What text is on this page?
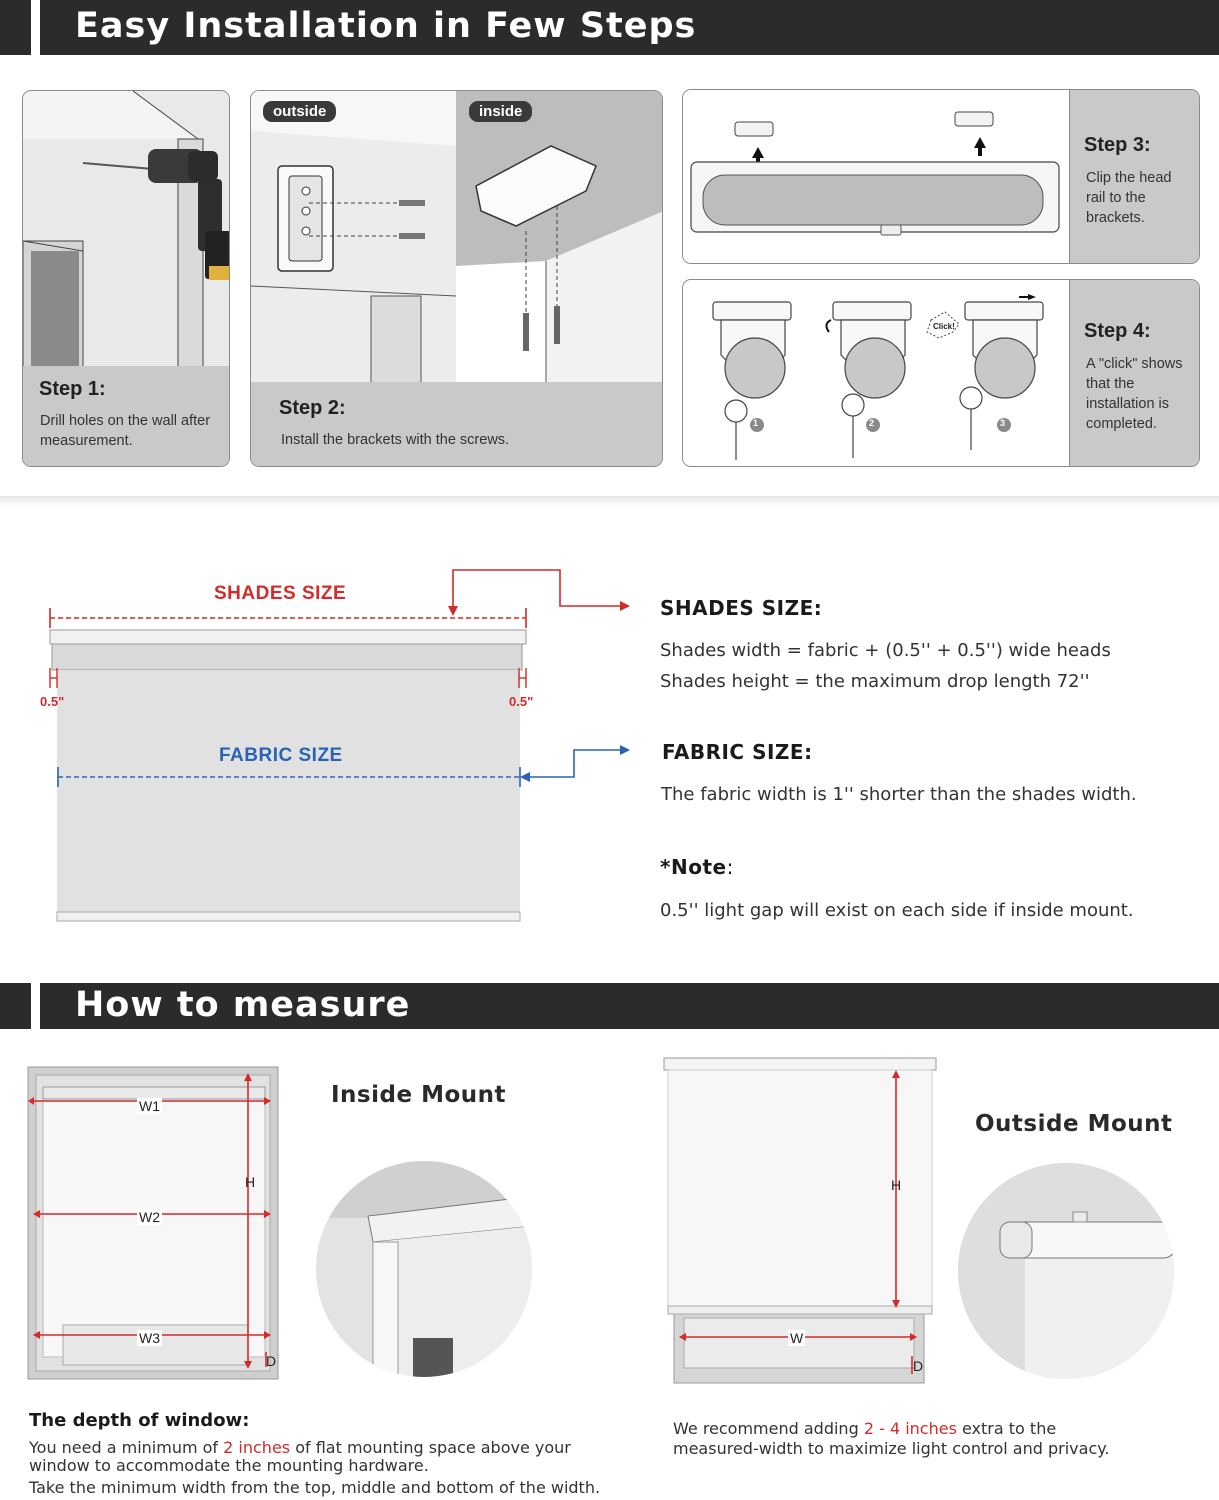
Easy Installation in Few Steps
Step 1:
Drill holes on the wall after
measurement.
outside	inside
Step 2:
Install the brackets with the screws.
Step 3:
Clip the head
rail to the
brackets.
Click!
1	2	3
Step 4:
A "click" shows
that the
installation is
completed.
SHADES SIZE
0.5"	0.5"
FABRIC SIZE
SHADES SIZE:
Shades width = fabric + (0.5'' + 0.5'') wide heads
Shades height = the maximum drop length 72''
FABRIC SIZE:
The fabric width is 1'' shorter than the shades width.
*Note:
0.5'' light gap will exist on each side if inside mount.
How to measure
W1
W2
W3
H
D
Inside Mount
The depth of window:
You need a minimum of 2 inches of flat mounting space above your
window to accommodate the mounting hardware.
Take the minimum width from the top, middle and bottom of the width.
H
W
D
Outside Mount
We recommend adding 2 - 4 inches extra to the
measured-width to maximize light control and privacy.
